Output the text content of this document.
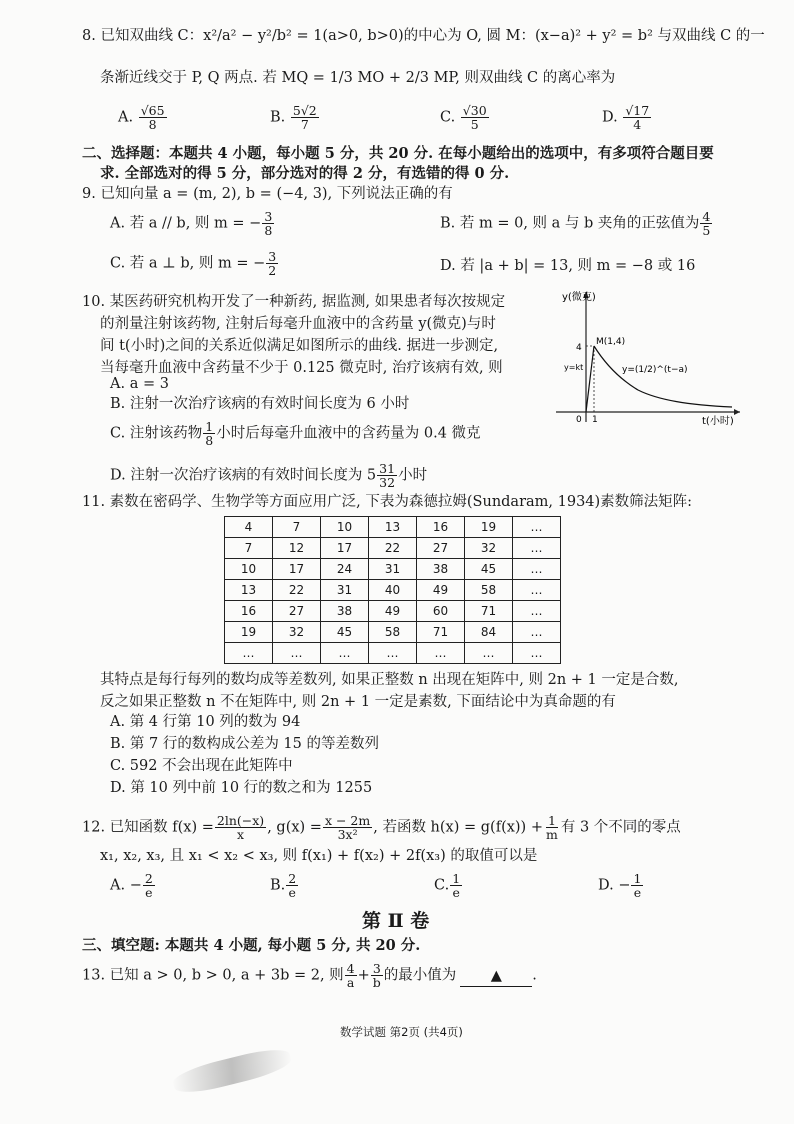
8. 已知双曲线 C：x²/a² − y²/b² = 1(a>0, b>0)的中心为 O, 圆 M：(x−a)² + y² = b² 与双曲线 C 的一
条渐近线交于 P, Q 两点. 若 MQ = 1/3 MO + 2/3 MP, 则双曲线 C 的离心率为
A. $\frac{√65}{8}$	B. $\frac{5√2}{7}$	C. $\frac{√30}{5}$	D. $\frac{√17}{4}$
二、选择题：本题共 4 小题，每小题 5 分，共 20 分. 在每小题给出的选项中，有多项符合题目要
求. 全部选对的得 5 分，部分选对的得 2 分，有选错的得 0 分.
9. 已知向量 a = (m, 2), b = (−4, 3), 下列说法正确的有
A. 若 a // b, 则 m = − $\frac{3}{8}$	B. 若 m = 0, 则 a 与 b 夹角的正弦值为 $\frac{4}{5}$
C. 若 a ⊥ b, 则 m = − $\frac{3}{2}$	D. 若 |a + b| = 13, 则 m = −8 或 16
10. 某医药研究机构开发了一种新药, 据监测, 如果患者每次按规定
的剂量注射该药物, 注射后每毫升血液中的含药量 y(微克)与时
间 t(小时)之间的关系近似满足如图所示的曲线. 据进一步测定,
当每毫升血液中含药量不少于 0.125 微克时, 治疗该病有效, 则
A. a = 3
B. 注射一次治疗该病的有效时间长度为 6 小时
C. 注射该药物 $\frac{1}{8}$ 小时后每毫升血液中的含药量为 0.4 微克
D. 注射一次治疗该病的有效时间长度为 $5 \frac{31}{32}$ 小时
y(微克)
t(小时)
M(1,4)
4
1
0
y=kt	y=(1/2)^(t−a)
11. 素数在密码学、生物学等方面应用广泛, 下表为森德拉姆(Sundaram, 1934)素数筛法矩阵:
4	7	10	13	16	19	…
7	12	17	22	27	32	…
10	17	24	31	38	45	…
13	22	31	40	49	58	…
16	27	38	49	60	71	…
19	32	45	58	71	84	…
…	…	…	…	…	…	…
其特点是每行每列的数均成等差数列, 如果正整数 n 出现在矩阵中, 则 2n + 1 一定是合数,
反之如果正整数 n 不在矩阵中, 则 2n + 1 一定是素数, 下面结论中为真命题的有
A. 第 4 行第 10 列的数为 94
B. 第 7 行的数构成公差为 15 的等差数列
C. 592 不会出现在此矩阵中
D. 第 10 列中前 10 行的数之和为 1255
12. 已知函数 $f(x) = \frac{2\ln(-x)}{x}$ , $g(x) = \frac{x - 2m}{\text{3x²}}$ , 若函数 $h(x) = g(f(x)) + \frac{1}{m}$ 有 3 个不同的零点
x₁, x₂, x₃, 且 x₁ < x₂ < x₃, 则 f(x₁) + f(x₂) + 2f(x₃) 的取值可以是
A. − $\frac{2}{e}$	B. $\frac{2}{e}$	C. $\frac{1}{e}$	D. − $\frac{1}{e}$
第 Ⅱ 卷
三、填空题: 本题共 4 小题, 每小题 5 分, 共 20 分.
13. 已知 a > 0, b > 0, a + 3b = 2, 则 $\frac{4}{a} + \frac{3}{b}$ 的最小值为 ▲ .
数学试题 第2页 (共4页)
